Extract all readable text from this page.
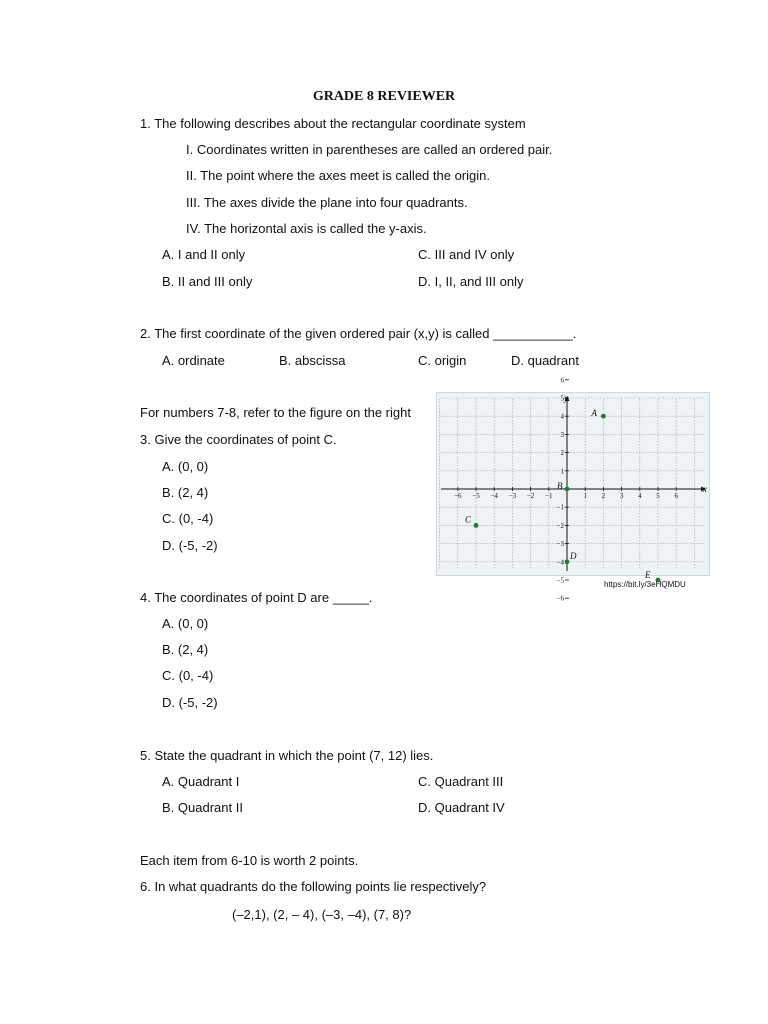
GRADE 8 REVIEWER
1. The following describes about the rectangular coordinate system
I. Coordinates written in parentheses are called an ordered pair.
II. The point where the axes meet is called the origin.
III. The axes divide the plane into four quadrants.
IV. The horizontal axis is called the y-axis.
A. I and II only	C. III and IV only
B. II and III only	D. I, II, and III only
2. The first coordinate of the given ordered pair (x,y) is called ___________.
A. ordinate	B. abscissa	C. origin	D. quadrant
For numbers 7-8, refer to the figure on the right
3. Give the coordinates of point C.
A. (0, 0)
B. (2, 4)
C. (0, -4)
D. (-5, -2)
x
y
−6 −5 −4 −3 −2 −1	1 2 3 4 5 6
6
5
4
3
2
1
−1
−2
−3
−4
−5
−6
A
B
C
D
E
https://bit.ly/3eHQMDU
4. The coordinates of point D are _____.
A. (0, 0)
B. (2, 4)
C. (0, -4)
D. (-5, -2)
5. State the quadrant in which the point (7, 12) lies.
A. Quadrant I	C. Quadrant III
B. Quadrant II	D. Quadrant IV
Each item from 6-10 is worth 2 points.
6. In what quadrants do the following points lie respectively?
(–2,1), (2, – 4), (–3, –4), (7, 8)?
